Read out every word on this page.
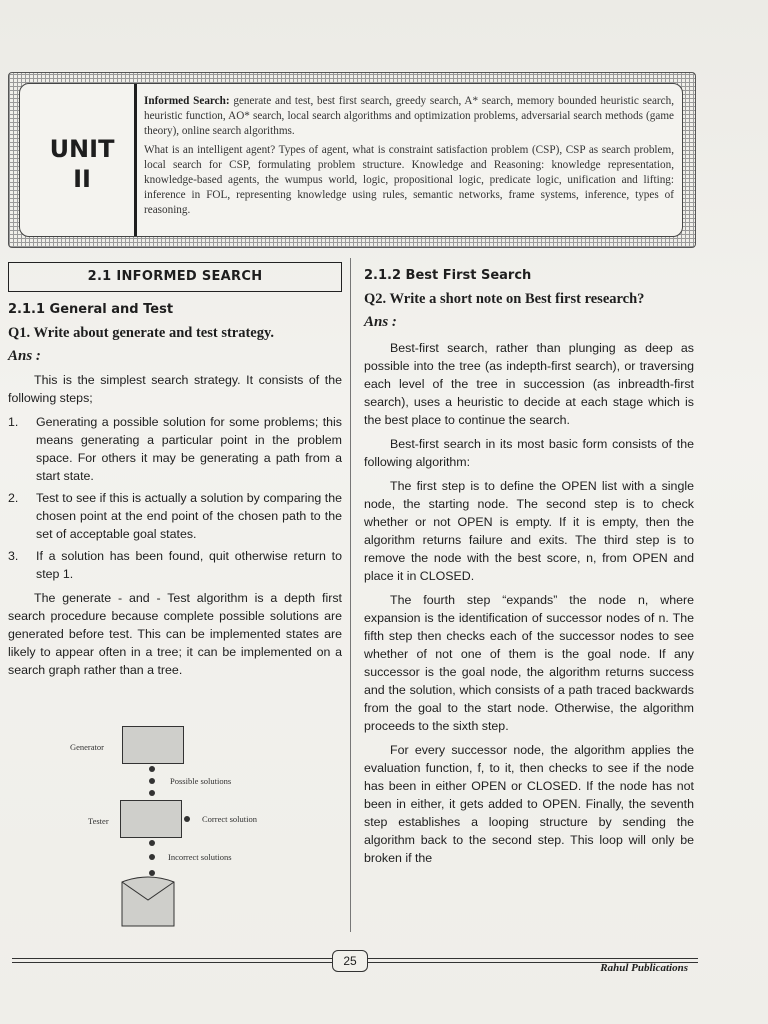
UNIT
II

Informed Search: generate and test, best first search, greedy search, A* search, memory bounded heuristic search, heuristic function, AO* search, local search algorithms and optimization problems, adversarial search methods (game theory), online search algorithms.

What is an intelligent agent? Types of agent, what is constraint satisfaction problem (CSP), CSP as search problem, local search for CSP, formulating problem structure. Knowledge and Reasoning: knowledge representation, knowledge-based agents, the wumpus world, logic, propositional logic, predicate logic, unification and lifting: inference in FOL, representing knowledge using rules, semantic networks, frame systems, inference, types of reasoning.

2.1 INFORMED SEARCH
2.1.1 General and Test
Q1. Write about generate and test strategy.
Ans :

This is the simplest search strategy. It consists of the following steps;

1. Generating a possible solution for some problems; this means generating a particular point in the problem space. For others it may be generating a path from a start state.
2. Test to see if this is actually a solution by comparing the chosen point at the end point of the chosen path to the set of acceptable goal states.
3. If a solution has been found, quit otherwise return to step 1.

The generate - and - Test algorithm is a depth first search procedure because complete possible solutions are generated before test. This can be implemented states are likely to appear often in a tree; it can be implemented on a search graph rather than a tree.

Generator
Possible solutions
Tester	Correct solution
Incorrect solutions
2.1.2 Best First Search
Q2. Write a short note on Best first research?
Ans :

Best-first search, rather than plunging as deep as possible into the tree (as indepth-first search), or traversing each level of the tree in succession (as inbreadth-first search), uses a heuristic to decide at each stage which is the best place to continue the search.

Best-first search in its most basic form consists of the following algorithm:

The first step is to define the OPEN list with a single node, the starting node. The second step is to check whether or not OPEN is empty. If it is empty, then the algorithm returns failure and exits. The third step is to remove the node with the best score, n, from OPEN and place it in CLOSED.

The fourth step “expands” the node n, where expansion is the identification of successor nodes of n. The fifth step then checks each of the successor nodes to see whether of not one of them is the goal node. If any successor is the goal node, the algorithm returns success and the solution, which consists of a path traced backwards from the goal to the start node. Otherwise, the algorithm proceeds to the sixth step.

For every successor node, the algorithm applies the evaluation function, f, to it, then checks to see if the node has been in either OPEN or CLOSED. If the node has not been in either, it gets added to OPEN. Finally, the seventh step establishes a looping structure by sending the algorithm back to the second step. This loop will only be broken if the

25	Rahul Publications
